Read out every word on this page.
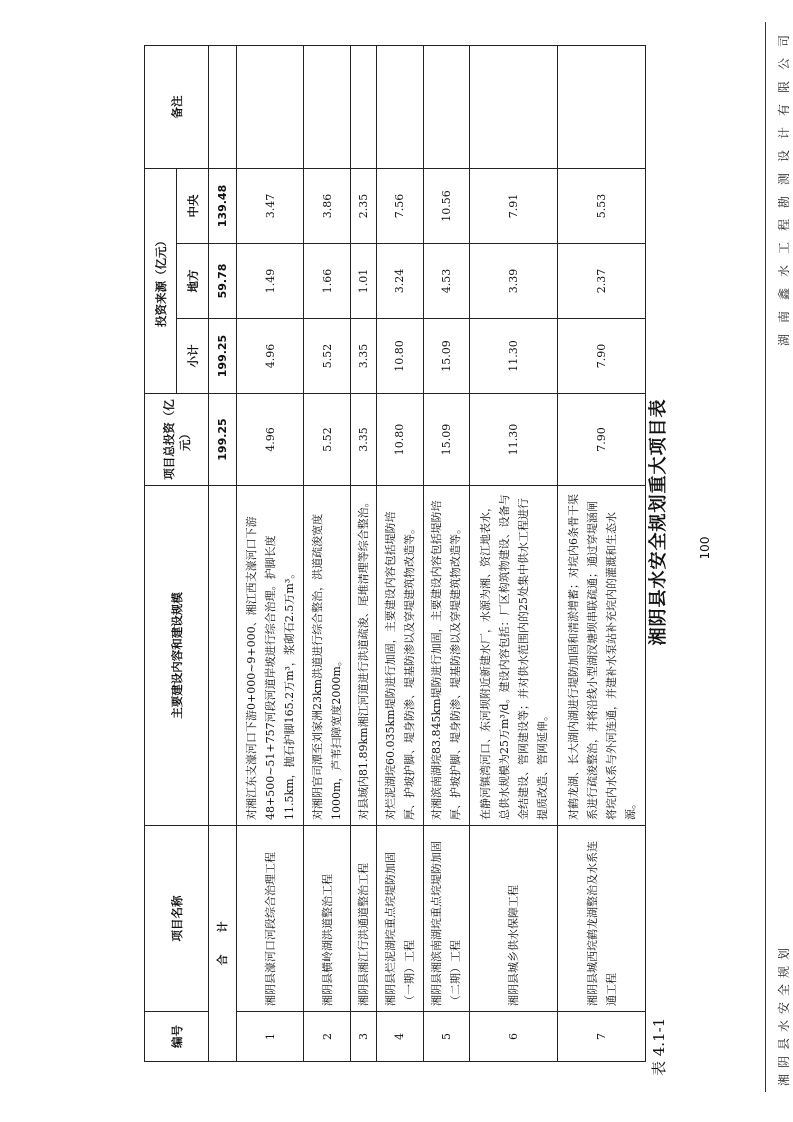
湘阴县水安全规划
湖南鑫水工程勘测设计有限公司
100
表 4.1-1
湘阴县水安全规划重大项目表
编号	项目名称	主要建设内容和建设规模	项目总投资（亿元）	投资来源（亿元）			备注
				小计	地方	中央	
合　　计			199.25	199.25	59.78	139.48	
1	湘阴县濠河口河段综合治理工程	对湘江东支濠河口下游0+000~9+000、湘江西支濠河口下游48+500~51+757河段河道岸坡进行综合治理。护脚长度11.5km，抛石护脚165.2万m³，浆砌石2.5万m³。	4.96	4.96	1.49	3.47	
2	湘阴县横岭湖洪道整治工程	对湘阴官司潭至刘家洲23km洪道进行综合整治，洪道疏浚宽度1000m，芦苇扫障宽度2000m。	5.52	5.52	1.66	3.86	
3	湘阴县湘江行洪通道整治工程	对县域内81.89km湘江河道进行洪道疏浚、尾堆清理等综合整治。	3.35	3.35	1.01	2.35	
4	湘阴县烂泥湖垸重点垸堤防加固（一期）工程	对烂泥湖垸60.035km堤防进行加固，主要建设内容包括堤防培厚、护坡护脚、堤身防渗、堤基防渗以及穿堤建筑物改造等。	10.80	10.80	3.24	7.56	
5	湘阴县湘滨南湖垸重点垸堤防加固（二期）工程	对湘滨南湖垸83.845km堤防进行加固，主要建设内容包括堤防培厚、护坡护脚、堤身防渗、堤基防渗以及穿堤建筑物改造等。	15.09	15.09	4.53	10.56	
6	湘阴县城乡供水保障工程	在静河镇湾河口、东河坝附近新建水厂，水源为湘、资江地表水，总供水规模为25万m³/d。建设内容包括：厂区构筑物建设、设备与金结建设、管网建设等；并对供水范围内的25处集中供水工程进行提质改造、管网延伸。	11.30	11.30	3.39	7.91	
7	湘阴县城西垸鹤龙湖整治及水系连通工程	对鹤龙湖、长大湖内湖进行堤防加固和清淤增蓄；对垸内6条骨干渠系进行疏浚整治，并将沿线小型湖汊塘坝串联疏通；通过穿堤涵闸将垸内水系与外河连通，并建补水泵站补充垸内的灌溉和生态水源。	7.90	7.90	2.37	5.53	
